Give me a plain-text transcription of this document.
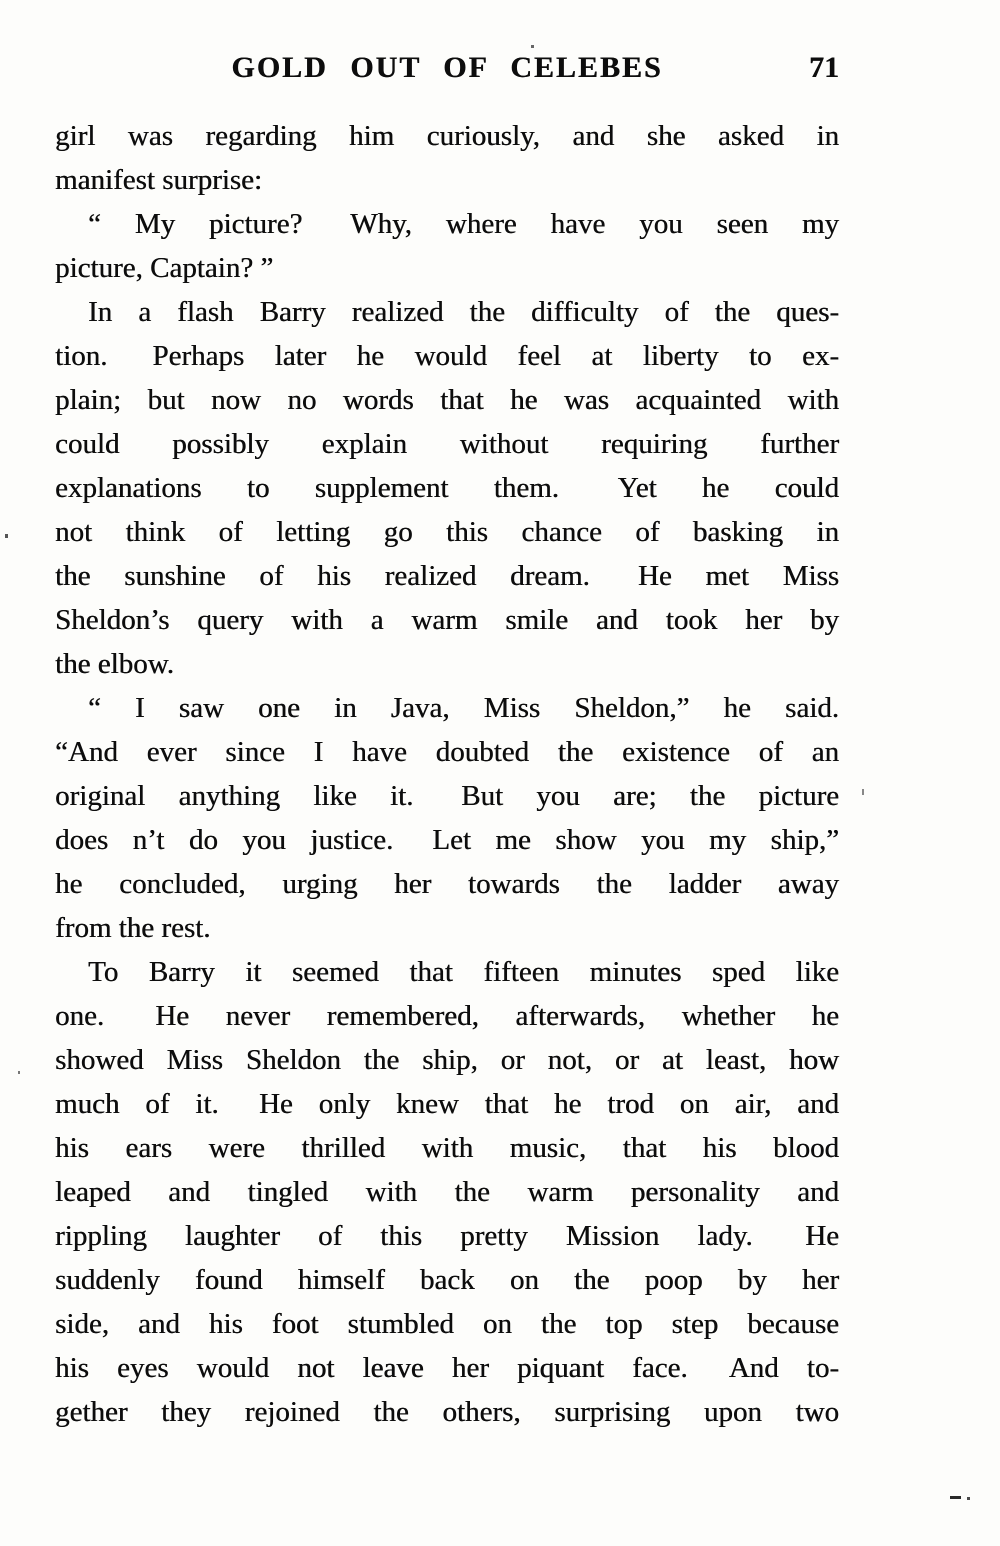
GOLD OUT OF CELEBES	71
girl was regarding him curiously, and she asked in
manifest surprise:
“ My picture?  Why, where have you seen my
picture, Captain? ”
In a flash Barry realized the difficulty of the ques-
tion.  Perhaps later he would feel at liberty to ex-
plain; but now no words that he was acquainted with
could possibly explain without requiring further
explanations to supplement them.  Yet he could
not think of letting go this chance of basking in
the sunshine of his realized dream.  He met Miss
Sheldon’s query with a warm smile and took her by
the elbow.
“ I saw one in Java, Miss Sheldon,” he said.
“And ever since I have doubted the existence of an
original anything like it.  But you are; the picture
does n’t do you justice.  Let me show you my ship,”
he concluded, urging her towards the ladder away
from the rest.
To Barry it seemed that fifteen minutes sped like
one.  He never remembered, afterwards, whether he
showed Miss Sheldon the ship, or not, or at least, how
much of it.  He only knew that he trod on air, and
his ears were thrilled with music, that his blood
leaped and tingled with the warm personality and
rippling laughter of this pretty Mission lady.  He
suddenly found himself back on the poop by her
side, and his foot stumbled on the top step because
his eyes would not leave her piquant face.  And to-
gether they rejoined the others, surprising upon two
